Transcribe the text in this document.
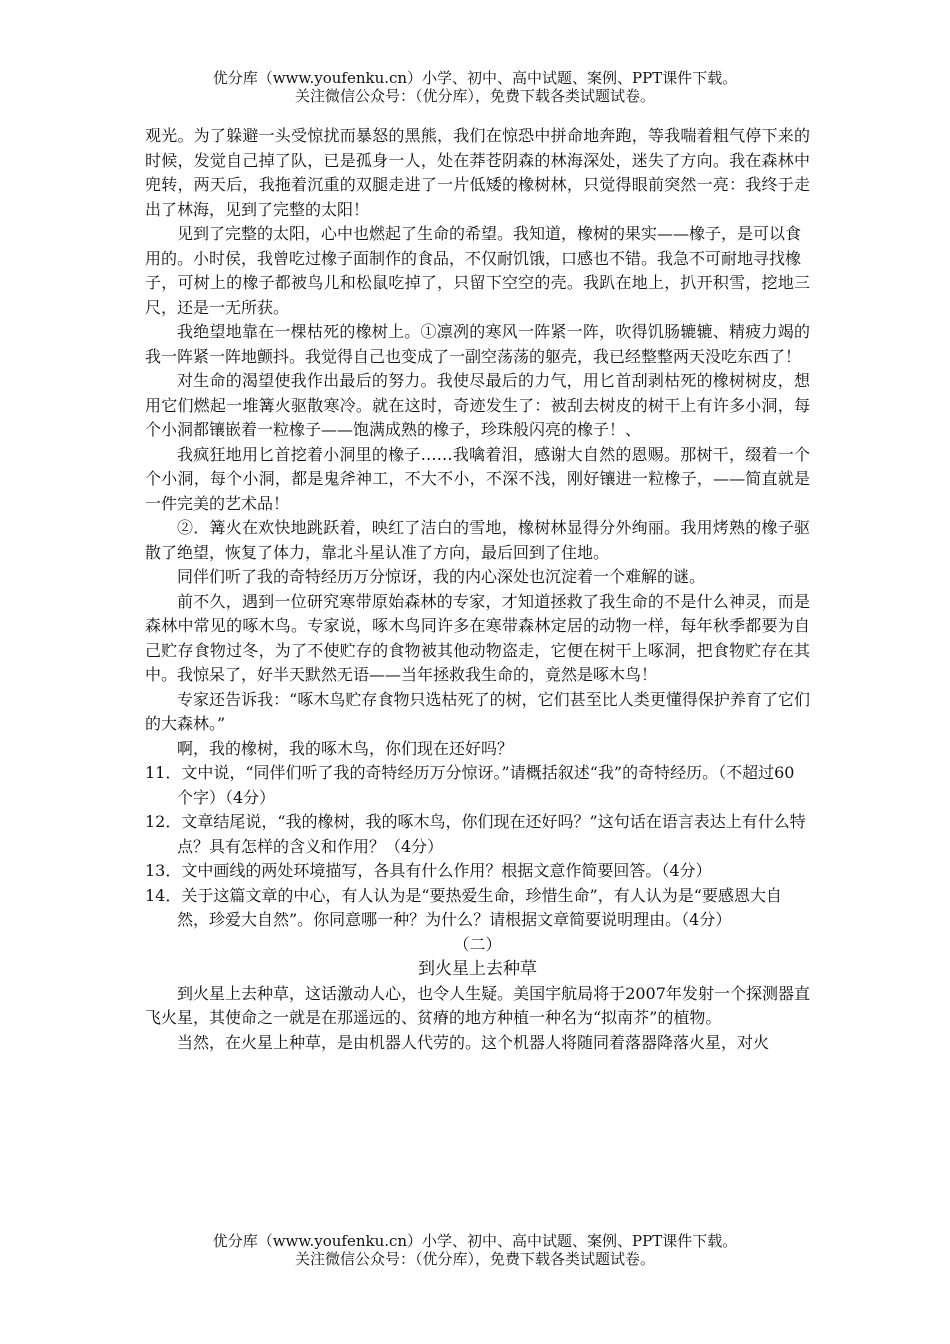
优分库（www.youfenku.cn）小学、初中、高中试题、案例、PPT课件下载。
关注微信公众号：（优分库），免费下载各类试题试卷。

观光。为了躲避一头受惊扰而暴怒的黑熊，我们在惊恐中拼命地奔跑，等我喘着粗气停下来的时候，发觉自己掉了队，已是孤身一人，处在莽苍阴森的林海深处，迷失了方向。我在森林中兜转，两天后，我拖着沉重的双腿走进了一片低矮的橡树林，只觉得眼前突然一亮：我终于走出了林海，见到了完整的太阳！

见到了完整的太阳，心中也燃起了生命的希望。我知道，橡树的果实——橡子，是可以食

用的。小时侯，我曾吃过橡子面制作的食品，不仅耐饥饿，口感也不错。我急不可耐地寻找橡

子，可树上的橡子都被鸟儿和松鼠吃掉了，只留下空空的壳。我趴在地上，扒开积雪，挖地三尺，还是一无所获。

我绝望地靠在一棵枯死的橡树上。①凛冽的寒风一阵紧一阵，吹得饥肠辘辘、精疲力竭的我一阵紧一阵地颤抖。我觉得自己也变成了一副空荡荡的躯壳，我已经整整两天没吃东西了！

对生命的渴望使我作出最后的努力。我使尽最后的力气，用匕首刮剥枯死的橡树树皮，想用它们燃起一堆篝火驱散寒冷。就在这时，奇迹发生了：被刮去树皮的树干上有许多小洞，每个小洞都镶嵌着一粒橡子——饱满成熟的橡子，珍珠般闪亮的橡子！、

我疯狂地用匕首挖着小洞里的橡子……我噙着泪，感谢大自然的恩赐。那树干，缀着一个个小洞，每个小洞，都是鬼斧神工，不大不小，不深不浅，刚好镶进一粒橡子，——简直就是一件完美的艺术品！

②．篝火在欢快地跳跃着，映红了洁白的雪地，橡树林显得分外绚丽。我用烤熟的橡子驱散了绝望，恢复了体力，靠北斗星认准了方向，最后回到了住地。

同伴们听了我的奇特经历万分惊讶，我的内心深处也沉淀着一个难解的谜。

前不久，遇到一位研究寒带原始森林的专家，才知道拯救了我生命的不是什么神灵，而是森林中常见的啄木鸟。专家说，啄木鸟同许多在寒带森林定居的动物一样，每年秋季都要为自己贮存食物过冬，为了不使贮存的食物被其他动物盗走，它便在树干上啄洞，把食物贮存在其中。我惊呆了，好半天默然无语——当年拯救我生命的，竟然是啄木鸟！

专家还告诉我：“啄木鸟贮存食物只选枯死了的树，它们甚至比人类更懂得保护养育了它们的大森林。”

啊，我的橡树，我的啄木鸟，你们现在还好吗？

11．文中说，“同伴们听了我的奇特经历万分惊讶。”请概括叙述“我”的奇特经历。（不超过60

个字）（4分）

12．文章结尾说，“我的橡树，我的啄木鸟，你们现在还好吗？”这句话在语言表达上有什么特

点？具有怎样的含义和作用？（4分）

13．文中画线的两处环境描写，各具有什么作用？根据文意作简要回答。（4分）

14．关于这篇文章的中心，有人认为是“要热爱生命，珍惜生命”，有人认为是“要感恩大自然，珍爱大自然”。你同意哪一种？为什么？请根据文章简要说明理由。（4分）

（二）

到火星上去种草

到火星上去种草，这话激动人心，也令人生疑。美国宇航局将于2007年发射一个探测器直飞火星，其使命之一就是在那遥远的、贫瘠的地方种植一种名为“拟南芥”的植物。

当然，在火星上种草，是由机器人代劳的。这个机器人将随同着落器降落火星，对火

优分库（www.youfenku.cn）小学、初中、高中试题、案例、PPT课件下载。
关注微信公众号：（优分库），免费下载各类试题试卷。
